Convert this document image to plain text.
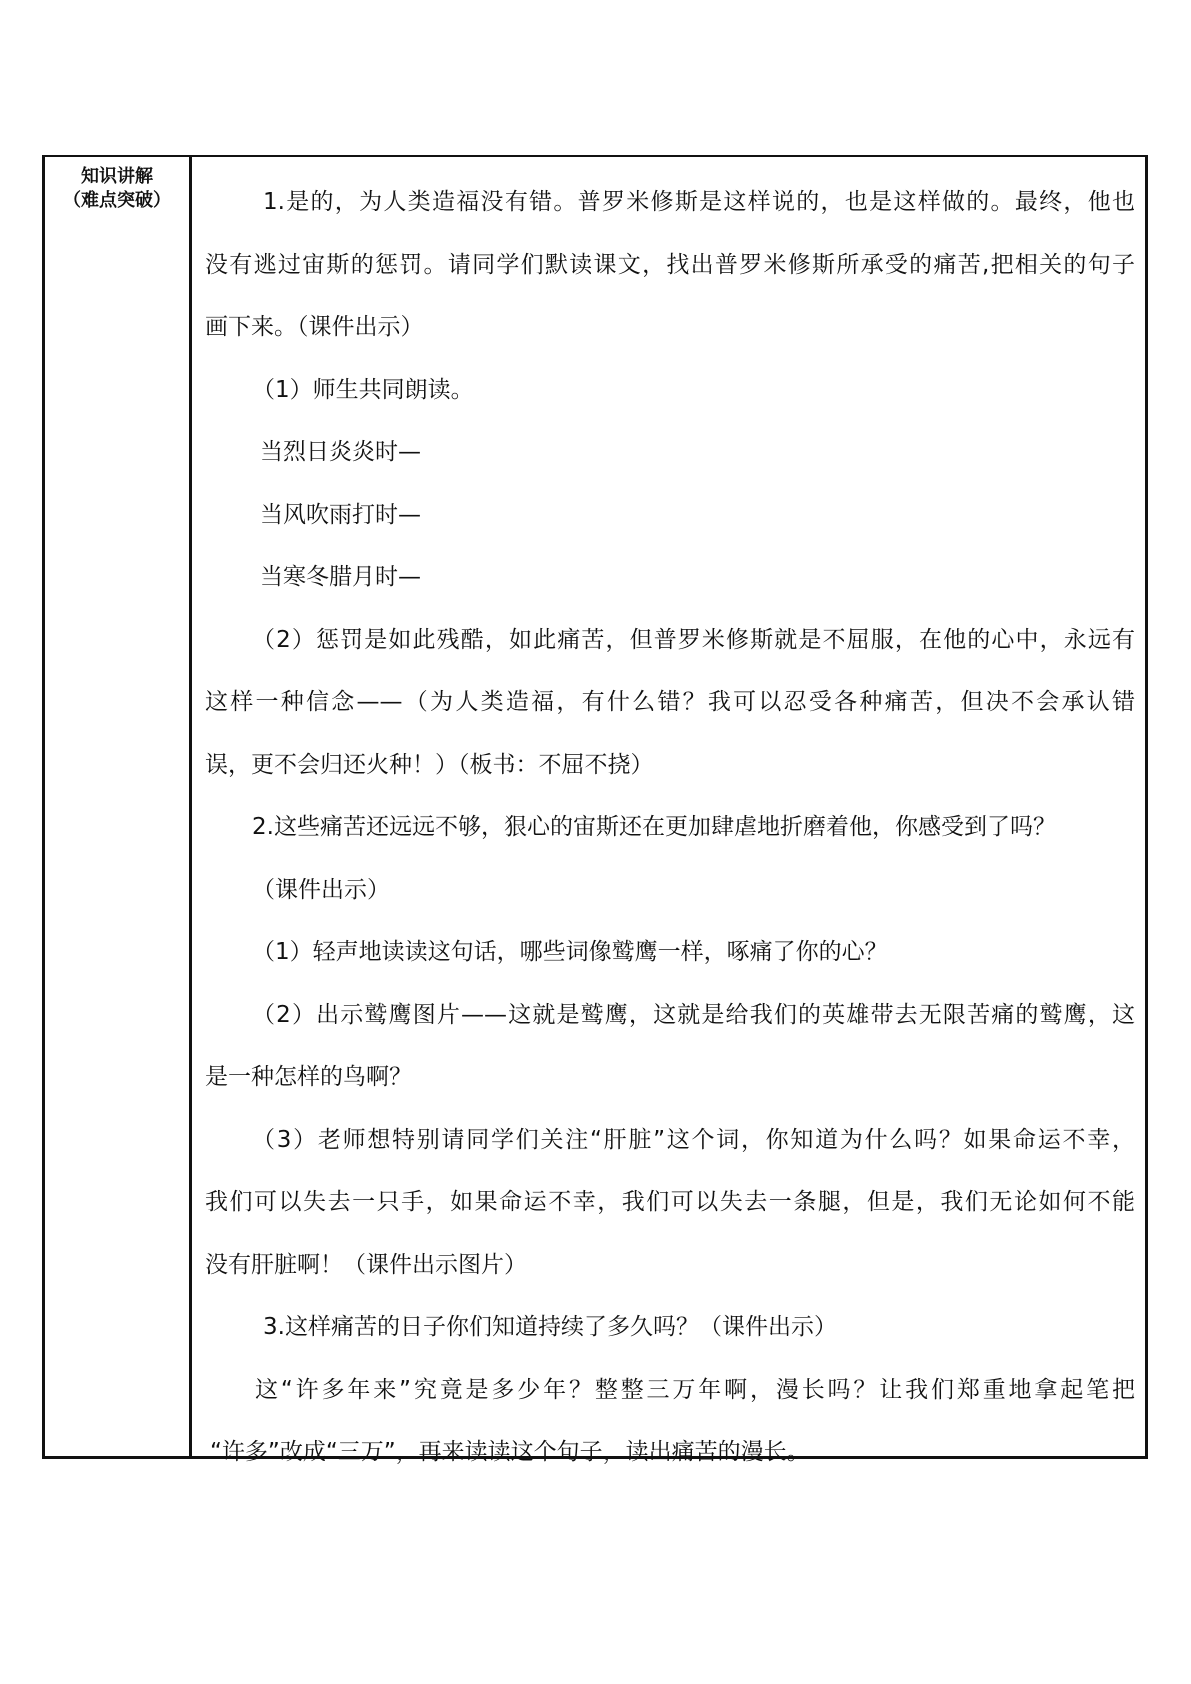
知识讲解
（难点突破）	1.是的，为人类造福没有错。普罗米修斯是这样说的，也是这样做的。最终，他也
没有逃过宙斯的惩罚。请同学们默读课文，找出普罗米修斯所承受的痛苦,把相关的句子
画下来。（课件出示）
（1）师生共同朗读。
当烈日炎炎时—
当风吹雨打时—
当寒冬腊月时—
（2）惩罚是如此残酷，如此痛苦，但普罗米修斯就是不屈服，在他的心中，永远有
这样一种信念——（为人类造福，有什么错？我可以忍受各种痛苦，但决不会承认错
误，更不会归还火种！）（板书：不屈不挠）
2.这些痛苦还远远不够，狠心的宙斯还在更加肆虐地折磨着他，你感受到了吗？
（课件出示）
（1）轻声地读读这句话，哪些词像鹫鹰一样，啄痛了你的心？
（2）出示鹫鹰图片——这就是鹫鹰，这就是给我们的英雄带去无限苦痛的鹫鹰，这
是一种怎样的鸟啊？
（3）老师想特别请同学们关注“肝脏”这个词，你知道为什么吗？如果命运不幸，
我们可以失去一只手，如果命运不幸，我们可以失去一条腿，但是，我们无论如何不能
没有肝脏啊！（课件出示图片）
3.这样痛苦的日子你们知道持续了多久吗？（课件出示）
这“许多年来”究竟是多少年？整整三万年啊，漫长吗？让我们郑重地拿起笔把
“许多”改成“三万”，再来读读这个句子，读出痛苦的漫长。
